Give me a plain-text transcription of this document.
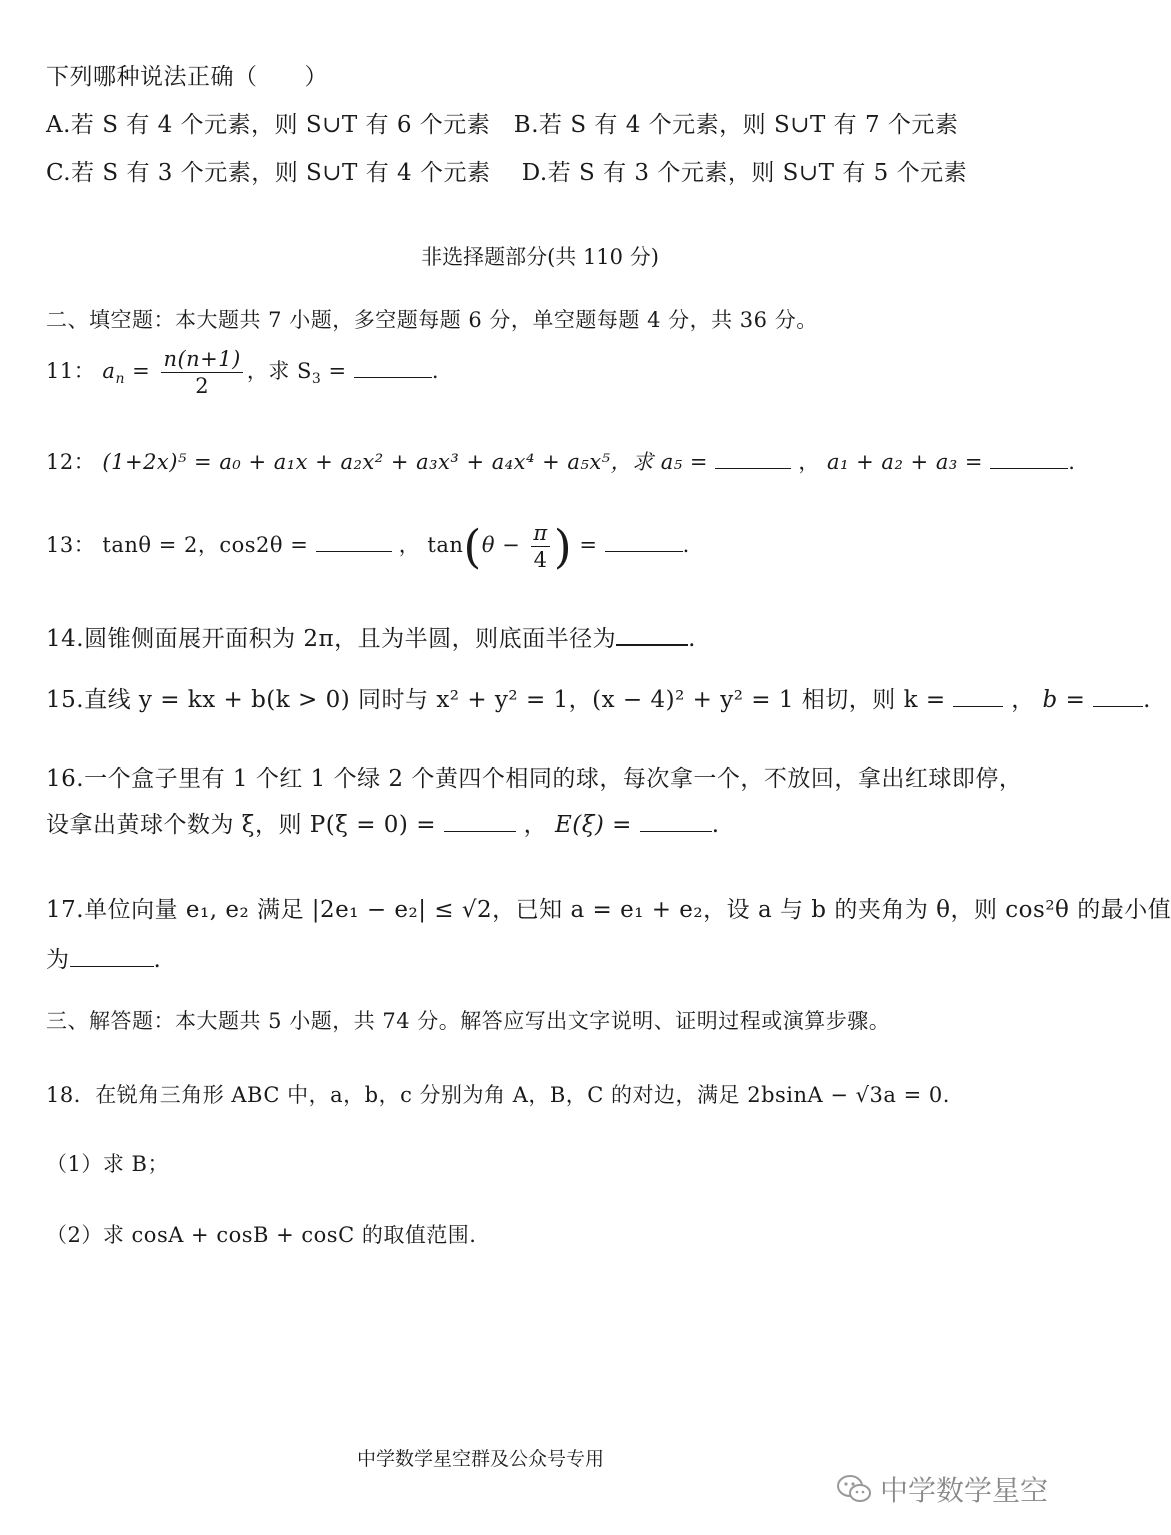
下列哪种说法正确（　　）
A.若 S 有 4 个元素，则 S∪T 有 6 个元素　B.若 S 有 4 个元素，则 S∪T 有 7 个元素
C.若 S 有 3 个元素，则 S∪T 有 4 个元素　 D.若 S 有 3 个元素，则 S∪T 有 5 个元素
非选择题部分(共 110 分)
二、填空题：本大题共 7 小题，多空题每题 6 分，单空题每题 4 分，共 36 分。
11： $a_n = \frac{n(n+1)}{2}$ ，求 $S_3$ =	.
12： (1+2x)⁵ = a₀ + a₁x + a₂x² + a₃x³ + a₄x⁴ + a₅x⁵，求 a₅ =	， a₁ + a₂ + a₃ =	.
13： tanθ = 2，cos2θ =	， $\tan(\theta - \frac{\pi}{4}$ ) =	.
14.圆锥侧面展开面积为 2π，且为半圆，则底面半径为	.
15.直线 y = kx + b(k > 0) 同时与 x² + y² = 1，(x − 4)² + y² = 1 相切，则 k =	， b =	.
16.一个盒子里有 1 个红 1 个绿 2 个黄四个相同的球，每次拿一个，不放回，拿出红球即停，
设拿出黄球个数为 ξ，则 P(ξ = 0) =	， E(ξ) =	.
17.单位向量 e₁, e₂ 满足 |2e₁ − e₂| ≤ √2，已知 a = e₁ + e₂，设 a 与 b 的夹角为 θ，则 cos²θ 的最小值
为	.
三、解答题：本大题共 5 小题，共 74 分。解答应写出文字说明、证明过程或演算步骤。
18．在锐角三角形 ABC 中，a，b，c 分别为角 A，B，C 的对边，满足 2bsinA − √3a = 0.
（1）求 B；
（2）求 cosA + cosB + cosC 的取值范围.
中学数学星空群及公众号专用
中学数学星空
